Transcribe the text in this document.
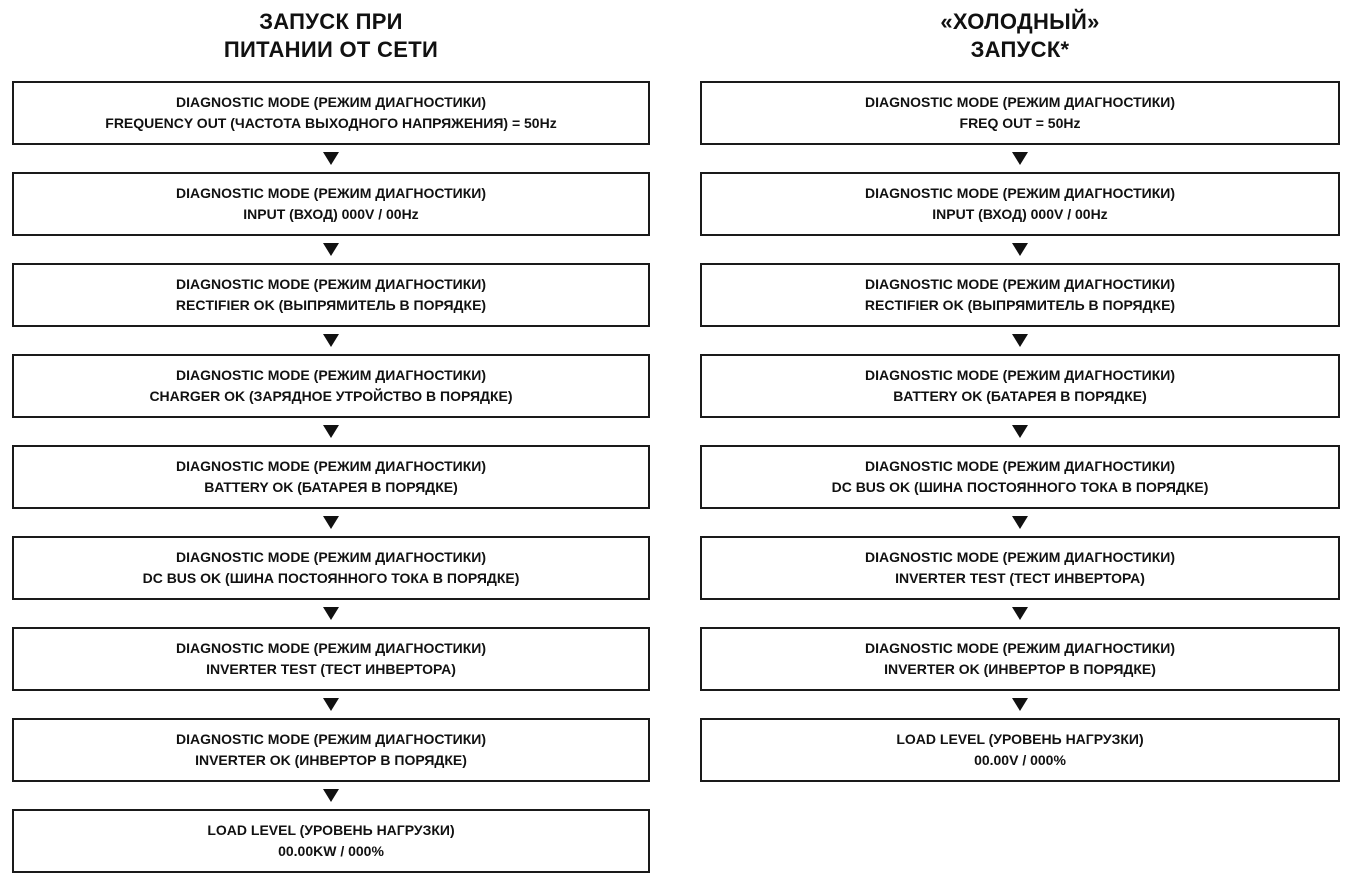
ЗАПУСК ПРИ
ПИТАНИИ ОТ СЕТИ
DIAGNOSTIC MODE (РЕЖИМ ДИАГНОСТИКИ)
FREQUENCY OUT (ЧАСТОТА ВЫХОДНОГО НАПРЯЖЕНИЯ) = 50Hz
DIAGNOSTIC MODE (РЕЖИМ ДИАГНОСТИКИ)
INPUT (ВХОД) 000V / 00Hz
DIAGNOSTIC MODE (РЕЖИМ ДИАГНОСТИКИ)
RECTIFIER OK (ВЫПРЯМИТЕЛЬ В ПОРЯДКЕ)
DIAGNOSTIC MODE (РЕЖИМ ДИАГНОСТИКИ)
CHARGER OK (ЗАРЯДНОЕ УТРОЙСТВО В ПОРЯДКЕ)
DIAGNOSTIC MODE (РЕЖИМ ДИАГНОСТИКИ)
BATTERY OK (БАТАРЕЯ В ПОРЯДКЕ)
DIAGNOSTIC MODE (РЕЖИМ ДИАГНОСТИКИ)
DC BUS OK (ШИНА ПОСТОЯННОГО ТОКА В ПОРЯДКЕ)
DIAGNOSTIC MODE (РЕЖИМ ДИАГНОСТИКИ)
INVERTER TEST (ТЕСТ ИНВЕРТОРА)
DIAGNOSTIC MODE (РЕЖИМ ДИАГНОСТИКИ)
INVERTER OK (ИНВЕРТОР В ПОРЯДКЕ)
LOAD LEVEL (УРОВЕНЬ НАГРУЗКИ)
00.00KW / 000%
«ХОЛОДНЫЙ»
ЗАПУСК*
DIAGNOSTIC MODE (РЕЖИМ ДИАГНОСТИКИ)
FREQ OUT = 50Hz
DIAGNOSTIC MODE (РЕЖИМ ДИАГНОСТИКИ)
INPUT (ВХОД) 000V / 00Hz
DIAGNOSTIC MODE (РЕЖИМ ДИАГНОСТИКИ)
RECTIFIER OK (ВЫПРЯМИТЕЛЬ В ПОРЯДКЕ)
DIAGNOSTIC MODE (РЕЖИМ ДИАГНОСТИКИ)
BATTERY OK (БАТАРЕЯ В ПОРЯДКЕ)
DIAGNOSTIC MODE (РЕЖИМ ДИАГНОСТИКИ)
DC BUS OK (ШИНА ПОСТОЯННОГО ТОКА В ПОРЯДКЕ)
DIAGNOSTIC MODE (РЕЖИМ ДИАГНОСТИКИ)
INVERTER TEST (ТЕСТ ИНВЕРТОРА)
DIAGNOSTIC MODE (РЕЖИМ ДИАГНОСТИКИ)
INVERTER OK (ИНВЕРТОР В ПОРЯДКЕ)
LOAD LEVEL (УРОВЕНЬ НАГРУЗКИ)
00.00V / 000%
